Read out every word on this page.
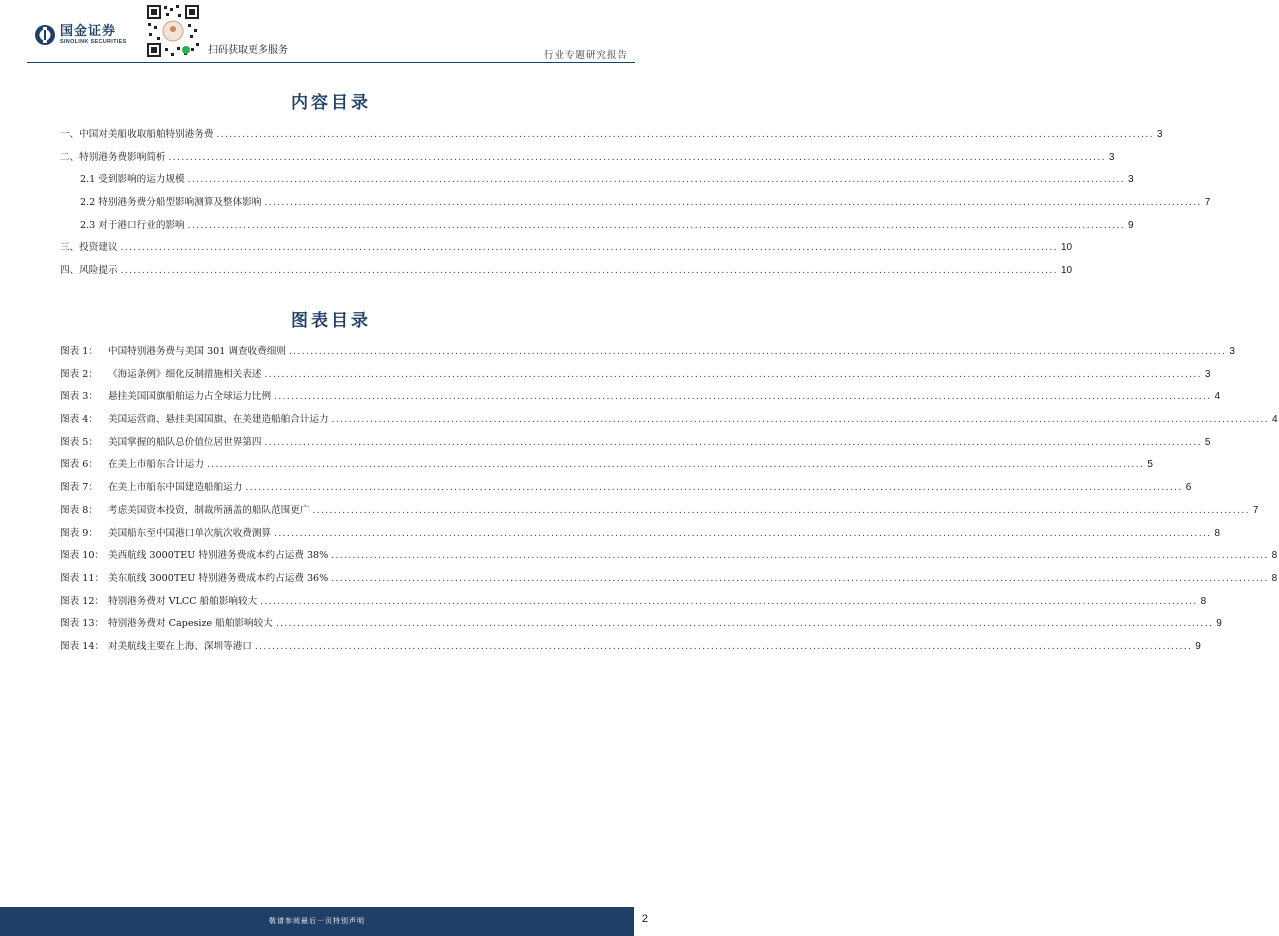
国金证券
SINOLINK SECURITIES
扫码获取更多服务	行业专题研究报告
内容目录
一、中国对美船收取船舶特别港务费 ............................................................................................................................................................................................................................ 3
二、特别港务费影响简析 ............................................................................................................................................................................................................................ 3
2.1 受到影响的运力规模 ............................................................................................................................................................................................................................ 3
2.2 特别港务费分船型影响测算及整体影响 ............................................................................................................................................................................................................................ 7
2.3 对于港口行业的影响 ............................................................................................................................................................................................................................ 9
三、投资建议 ............................................................................................................................................................................................................................ 10
四、风险提示 ............................................................................................................................................................................................................................ 10
图表目录
图表 1： 中国特别港务费与美国 301 调查收费细则 ............................................................................................................................................................................................................................ 3
图表 2： 《海运条例》细化反制措施相关表述 ............................................................................................................................................................................................................................ 3
图表 3： 悬挂美国国旗船舶运力占全球运力比例 ............................................................................................................................................................................................................................ 4
图表 4： 美国运营商、悬挂美国国旗、在美建造船舶合计运力 ............................................................................................................................................................................................................................ 4
图表 5： 美国掌握的船队总价值位居世界第四 ............................................................................................................................................................................................................................ 5
图表 6： 在美上市船东合计运力 ............................................................................................................................................................................................................................ 5
图表 7： 在美上市船东中国建造船舶运力 ............................................................................................................................................................................................................................ 6
图表 8： 考虑美国资本投资，制裁所涵盖的船队范围更广 ............................................................................................................................................................................................................................ 7
图表 9： 美国船东至中国港口单次航次收费测算 ............................................................................................................................................................................................................................ 8
图表 10： 美西航线 3000TEU 特别港务费成本约占运费 38% ............................................................................................................................................................................................................................ 8
图表 11： 美东航线 3000TEU 特别港务费成本约占运费 36% ............................................................................................................................................................................................................................ 8
图表 12： 特别港务费对 VLCC 船舶影响较大 ............................................................................................................................................................................................................................ 8
图表 13： 特别港务费对 Capesize 船舶影响较大 ............................................................................................................................................................................................................................ 9
图表 14： 对美航线主要在上海、深圳等港口 ............................................................................................................................................................................................................................ 9
敬请参阅最后一页特别声明	2
